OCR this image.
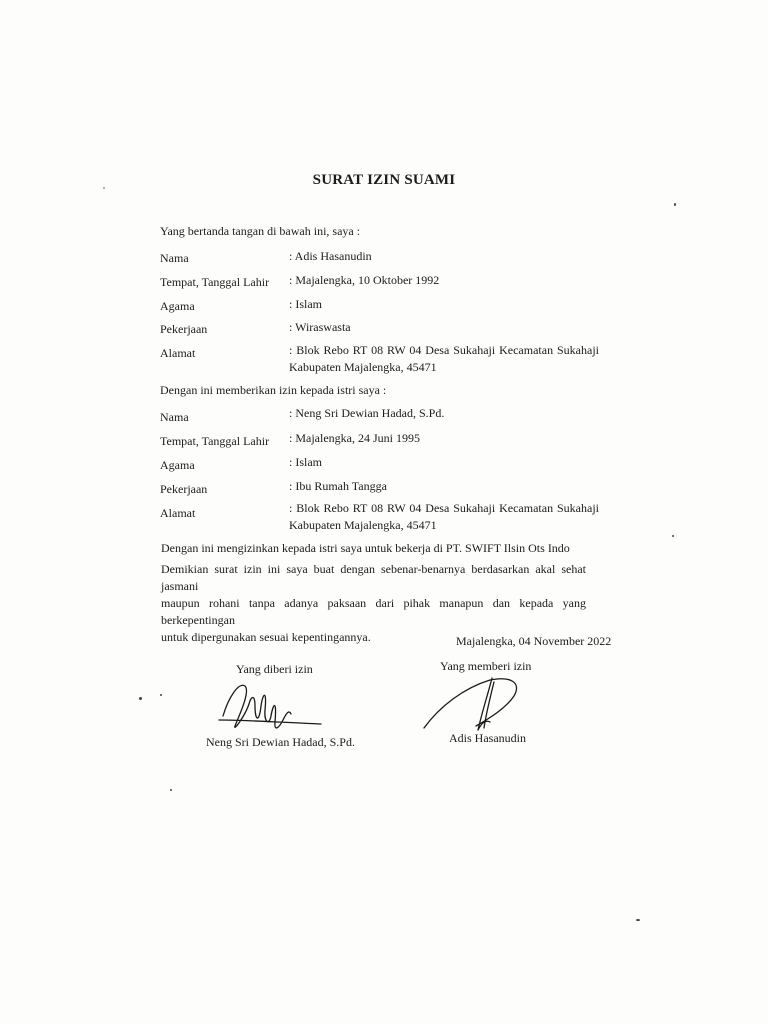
SURAT IZIN SUAMI
Yang bertanda tangan di bawah ini, saya :
Nama	: Adis Hasanudin
Tempat, Tanggal Lahir : Majalengka, 10 Oktober 1992
Agama	: Islam
Pekerjaan	: Wiraswasta
Alamat	: Blok Rebo RT 08 RW 04 Desa Sukahaji Kecamatan Sukahaji
Kabupaten Majalengka, 45471
Dengan ini memberikan izin kepada istri saya :
Nama	: Neng Sri Dewian Hadad, S.Pd.
Tempat, Tanggal Lahir : Majalengka, 24 Juni 1995
Agama	: Islam
Pekerjaan	: Ibu Rumah Tangga
Alamat	: Blok Rebo RT 08 RW 04 Desa Sukahaji Kecamatan Sukahaji
Kabupaten Majalengka, 45471
Dengan ini mengizinkan kepada istri saya untuk bekerja di PT. SWIFT Ilsin Ots Indo
Demikian surat izin ini saya buat dengan sebenar-benarnya berdasarkan akal sehat jasmani
maupun rohani tanpa adanya paksaan dari pihak manapun dan kepada yang berkepentingan
untuk dipergunakan sesuai kepentingannya.	Majalengka, 04 November 2022
Yang diberi izin
Neng Sri Dewian Hadad, S.Pd.
Yang memberi izin
Adis Hasanudin
